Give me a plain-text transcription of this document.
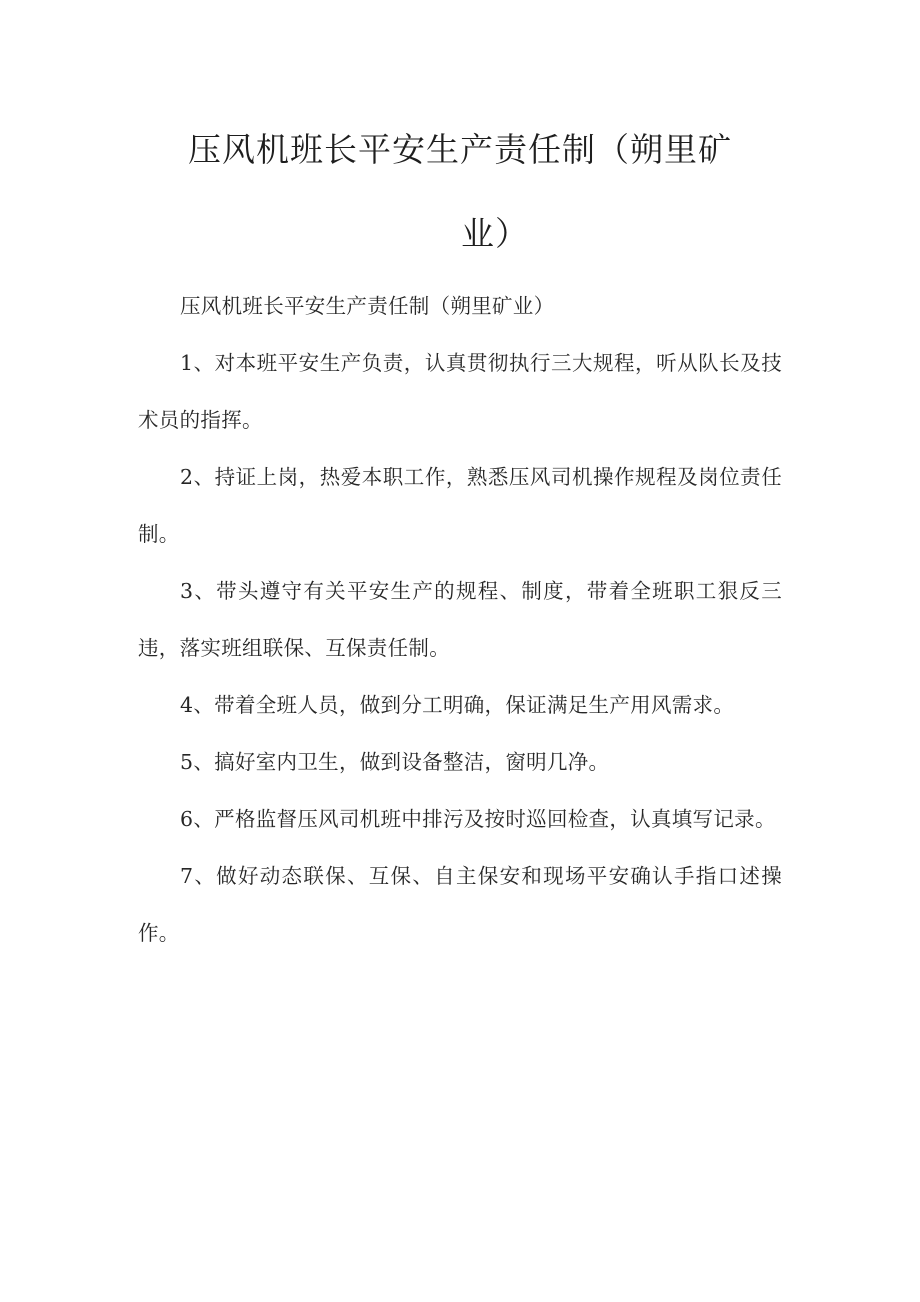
压风机班长平安生产责任制（朔里矿
业）

压风机班长平安生产责任制（朔里矿业）

1、对本班平安生产负责，认真贯彻执行三大规程，听从队长及技术员的指挥。

2、持证上岗，热爱本职工作，熟悉压风司机操作规程及岗位责任制。

3、带头遵守有关平安生产的规程、制度，带着全班职工狠反三违，落实班组联保、互保责任制。

4、带着全班人员，做到分工明确，保证满足生产用风需求。

5、搞好室内卫生，做到设备整洁，窗明几净。

6、严格监督压风司机班中排污及按时巡回检查，认真填写记录。

7、做好动态联保、互保、自主保安和现场平安确认手指口述操作。
